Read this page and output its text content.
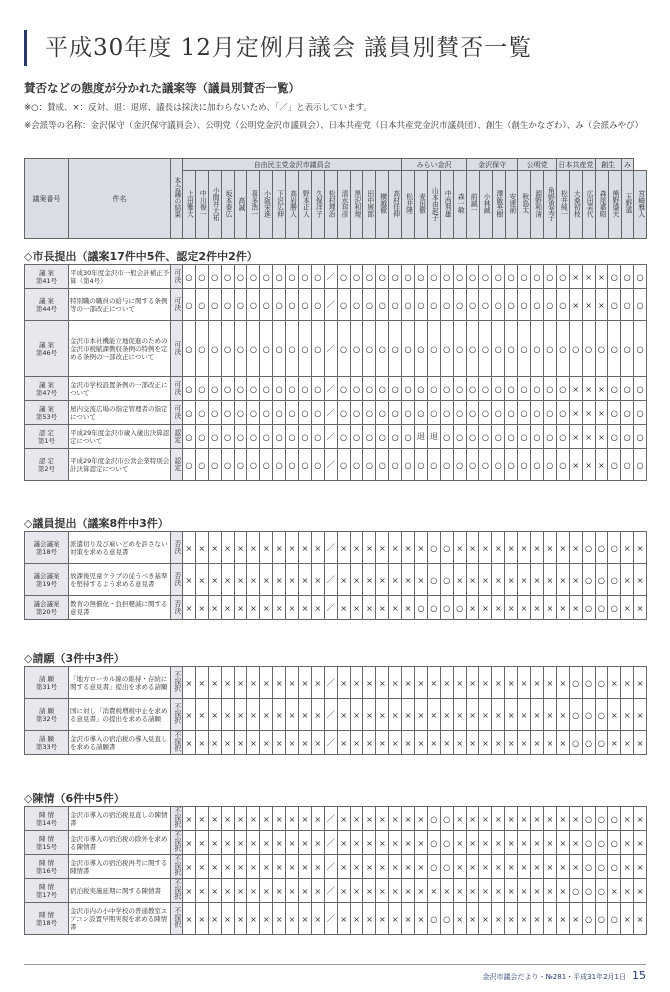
平成30年度 12月定例月議会 議員別賛否一覧
賛否などの態度が分かれた議案等（議員別賛否一覧）
※○：賛成、×：反対、退：退席、議長は採決に加わらないため、「／」と表示しています。
※会派等の名称：金沢保守（金沢保守議員会）、公明党（公明党金沢市議員会）、日本共産党（日本共産党金沢市議員団）、創生（創生かなざわ）、み（会派みやび）
議案番号	件名	本会議の結果	自由民主党金沢市議員会																	みらい金沢					金沢保守				公明党			日本共産党			創生		み	
			上田雅大	中川俊一	小間井大祐	坂本泰広	高誠	喜多浩一	小阪栄進	下沢広伸	高岩勝人	野本正人	久保洋子	松村理治	清水邦彦	黒沢和規	田中展郎	横越徹	高村佳伸	松井隆	麦田徹	山本由起子	中西利雄	森一敏	前誠一	小林誠	澤飯英樹	安達前	秋島太	源野和清	角野恵美子	松井純一	大桑初枝	広田美代	森尾嘉昭	熊野盛夫	玉野道	宮崎雅人
金沢市議会だより・№281・平成31年2月1日 15
◇市長提出（議案17件中5件、認定2件中2件）
議 案
第41号	平成30年度金沢市一般会計補正予算（第4号）	可決	○	○	○	○	○	○	○	○	○	○	○	／	○	○	○	○	○	○	○	○	○	○	○	○	○	○	○	○	○	○	×	×	×	○	○	○

議 案
第44号	特別職の職員の給与に関する条例等の一部改正について	可決	○	○	○	○	○	○	○	○	○	○	○	／	○	○	○	○	○	○	○	○	○	○	○	○	○	○	○	○	○	○	×	×	×	○	○	○

議 案
第46号	金沢市本社機能立地促進のための金沢市税賦課徴収条例の特例を定める条例の一部改正について	可決	○	○	○	○	○	○	○	○	○	○	○	／	○	○	○	○	○	○	○	○	○	○	○	○	○	○	○	○	○	○	○	○	○	○	○	○

議 案
第47号	金沢市学校設置条例の一部改正について	可決	○	○	○	○	○	○	○	○	○	○	○	／	○	○	○	○	○	○	○	○	○	○	○	○	○	○	○	○	○	○	×	×	×	○	○	○

議 案
第53号	屋内交流広場の指定管理者の指定について	可決	○	○	○	○	○	○	○	○	○	○	○	／	○	○	○	○	○	○	○	○	○	○	○	○	○	○	○	○	○	○	×	×	×	○	○	○

認 定
第1号	平成29年度金沢市歳入歳出決算認定について	認定	○	○	○	○	○	○	○	○	○	○	○	／	○	○	○	○	○	○	退	退	○	○	○	○	○	○	○	○	○	○	×	×	×	○	○	○

認 定
第2号	平成29年度金沢市公営企業特別会計決算認定について	認定	○	○	○	○	○	○	○	○	○	○	○	／	○	○	○	○	○	○	○	○	○	○	○	○	○	○	○	○	○	○	×	×	×	○	○	○
◇議員提出（議案8件中3件）
議会議案
第18号	派遣切り及び雇いどめを許さない対策を求める意見書	否決	×	×	×	×	×	×	×	×	×	×	×	／	×	×	×	×	×	×	×	○	○	×	×	×	×	×	×	×	×	×	×	○	○	○	×	×	

議会議案
第19号	放課後児童クラブの従うべき基準を堅持するよう求める意見書	否決	×	×	×	×	×	×	×	×	×	×	×	／	×	×	×	×	×	×	×	○	○	×	×	×	×	×	×	×	×	×	×	○	○	○	×	×	

議会議案
第20号	教育の無償化・負担軽減に関する意見書	否決	×	×	×	×	×	×	×	×	×	×	×	／	×	×	×	×	×	×	○	○	○	○	×	×	×	×	×	×	×	×	×	○	○	○	×	×	
◇請願（3件中3件）
請 願
第31号	「地方ローカル線の維持・存続に関する意見書」提出を求める請願	不採択	×	×	×	×	×	×	×	×	×	×	×	／	×	×	×	×	×	×	×	×	×	×	×	×	×	×	×	×	×	×	○	○	○	×	×	×

請 願
第32号	国に対し「消費税増税中止を求める意見書」の提出を求める請願	不採択	×	×	×	×	×	×	×	×	×	×	×	／	×	×	×	×	×	×	×	×	×	×	×	×	×	×	×	×	×	×	○	○	○	×	×	×

請 願
第33号	金沢市導入の宿泊税の導入見直しを求める請願書	不採択	×	×	×	×	×	×	×	×	×	×	×	／	×	×	×	×	×	×	×	×	×	×	×	×	×	×	×	×	×	×	○	○	○	×	×	×
◇陳情（6件中5件）
陳 情
第14号	金沢市導入の宿泊税見直しの陳情書	不採択	×	×	×	×	×	×	×	×	×	×	×	／	×	×	×	×	×	×	×	○	○	×	×	×	×	×	×	×	×	×	×	○	○	○	×	×	

陳 情
第15号	金沢市導入の宿泊税の除外を求める陳情書	不採択	×	×	×	×	×	×	×	×	×	×	×	／	×	×	×	×	×	×	×	○	○	×	×	×	×	×	×	×	×	×	×	○	○	○	×	×	

陳 情
第16号	金沢市導入の宿泊税再考に関する陳情書	不採択	×	×	×	×	×	×	×	×	×	×	×	／	×	×	×	×	×	×	×	○	○	×	×	×	×	×	×	×	×	×	×	○	○	○	×	×	

陳 情
第17号	宿泊税実施延期に関する陳情書	不採択	×	×	×	×	×	×	×	×	×	×	×	／	×	×	×	×	×	×	×	×	×	×	×	×	×	×	×	×	×	×	○	○	○	×	×	×	

陳 情
第18号	金沢市内の小中学校の普通教室エアコン設置早期実現を求める陳情書	不採択	×	×	×	×	×	×	×	×	×	×	×	／	×	×	×	×	×	×	×	○	○	×	×	×	×	×	×	×	×	×	×	○	○	○	×	×	
